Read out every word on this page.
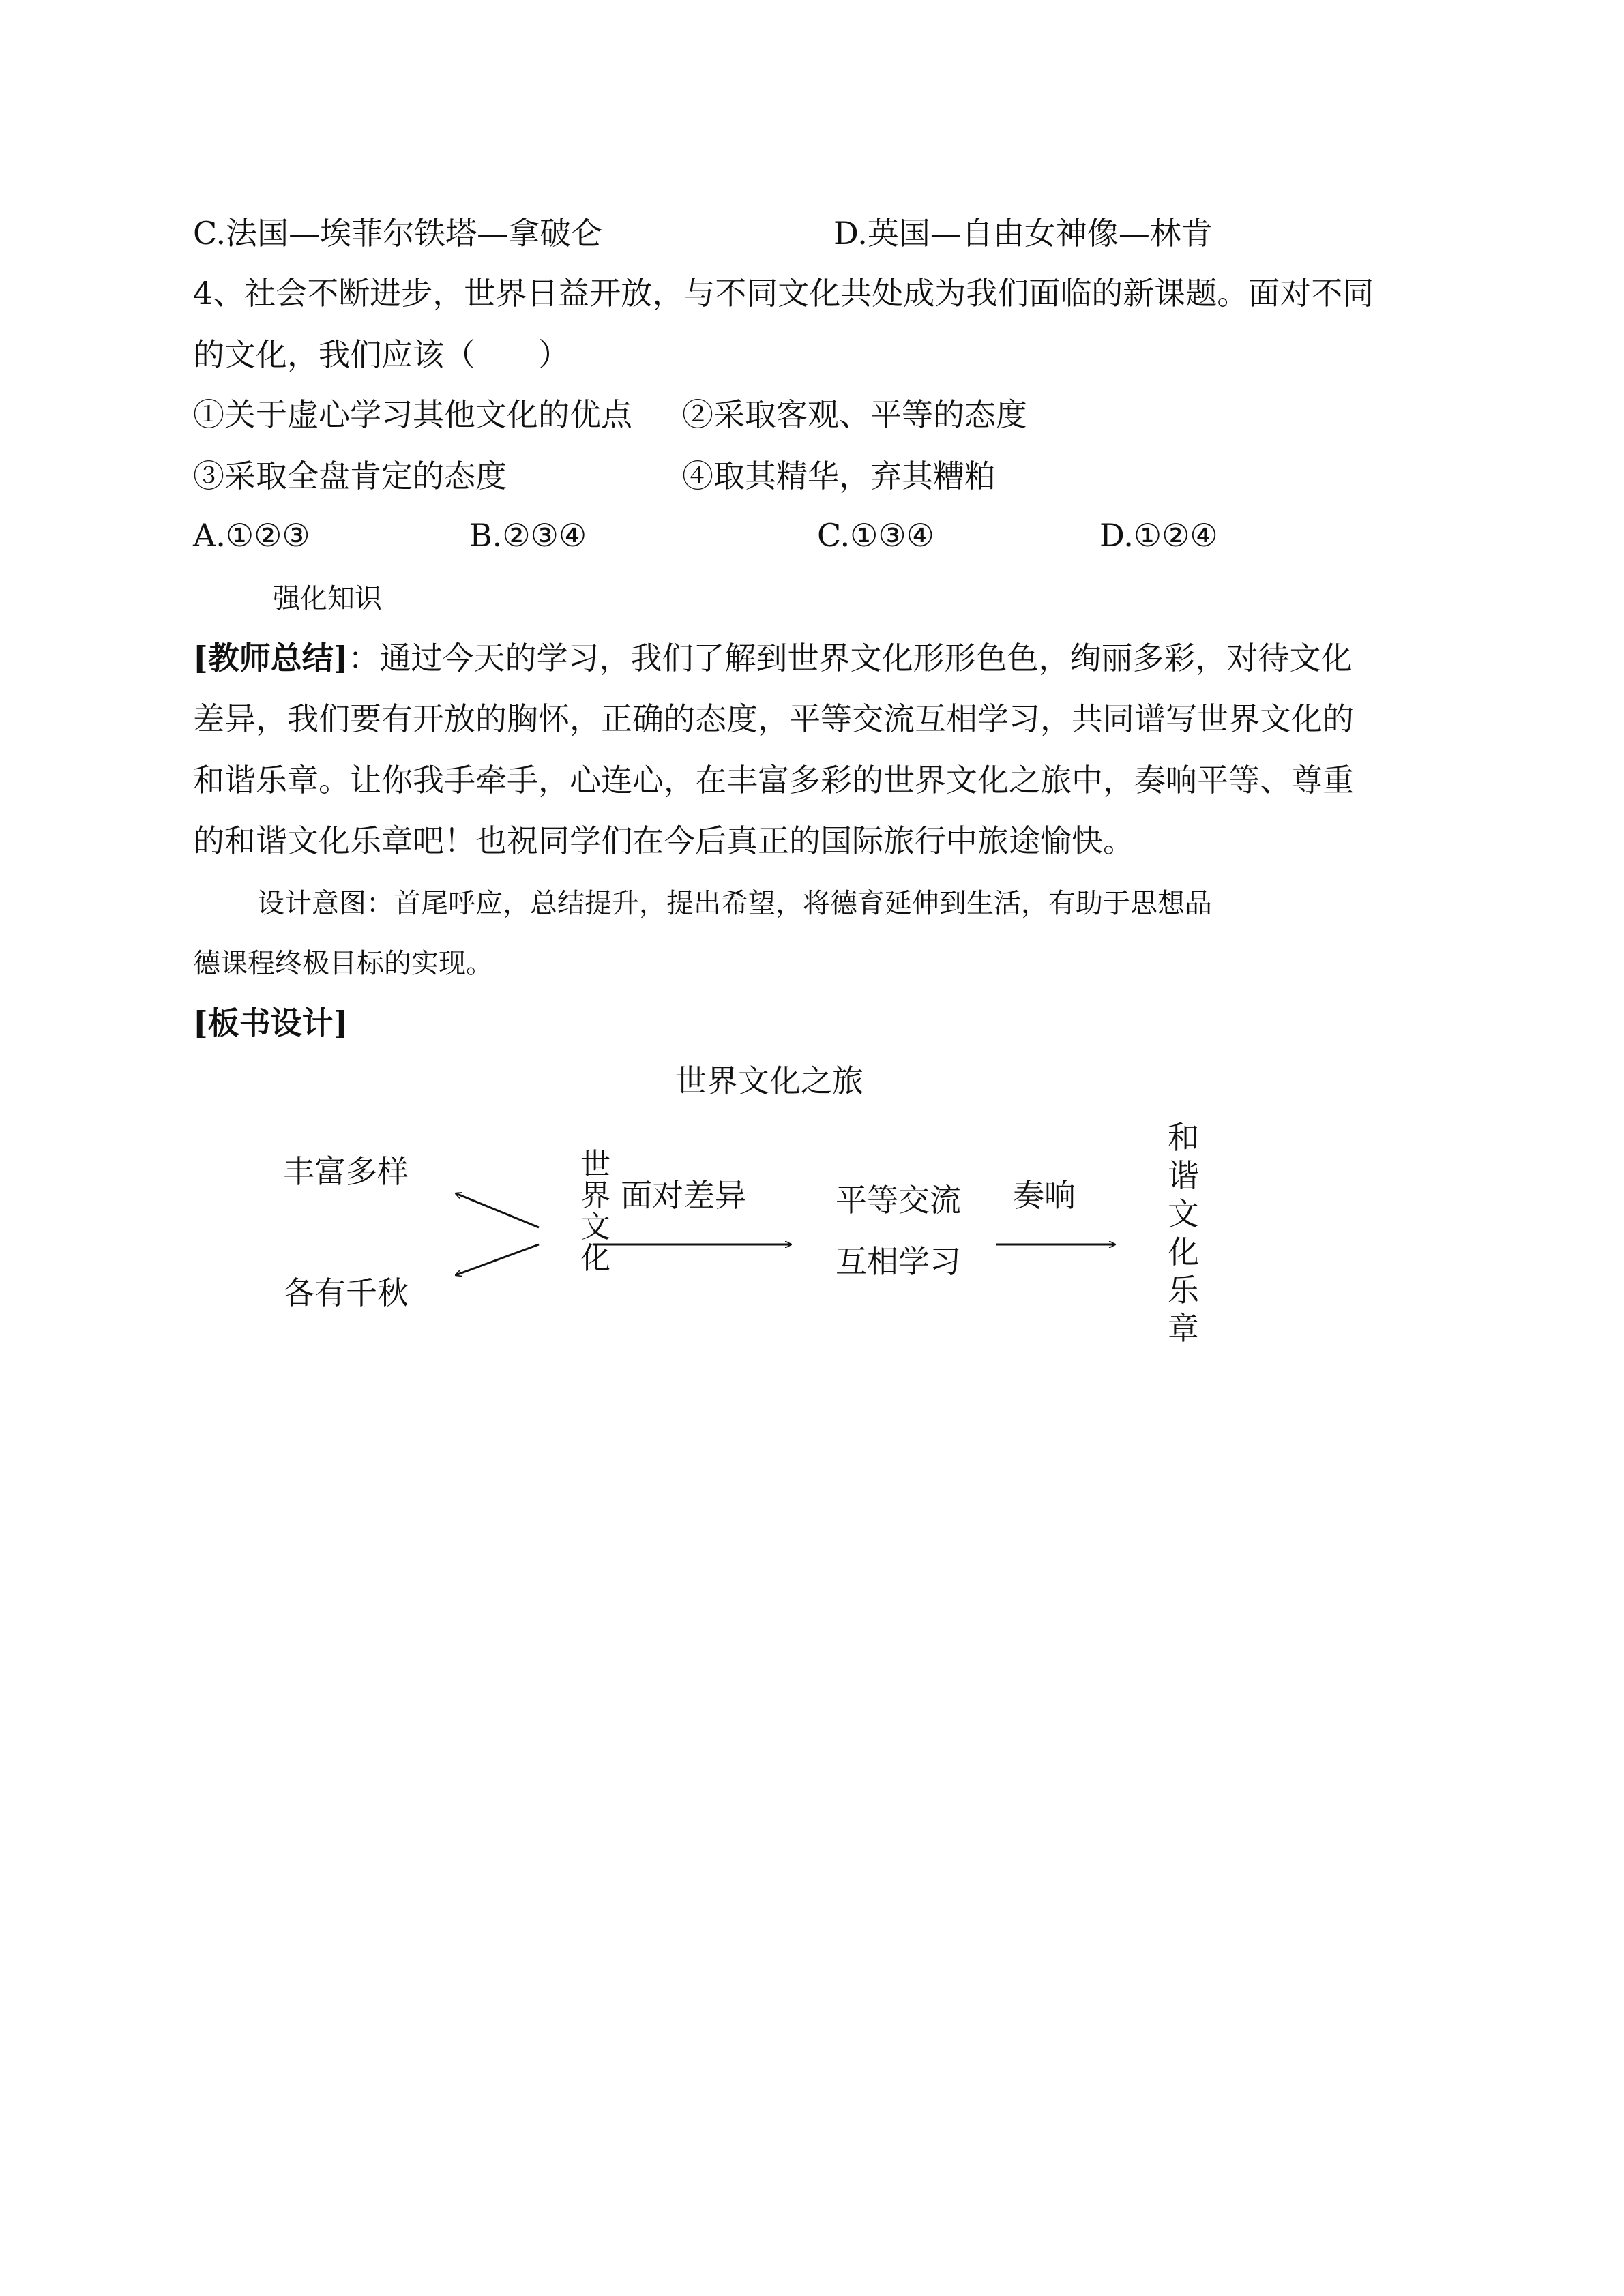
C.法国—埃菲尔铁塔—拿破仑	D.英国—自由女神像—林肯
4、社会不断进步，世界日益开放，与不同文化共处成为我们面临的新课题。面对不同
的文化，我们应该（　　）
①关于虚心学习其他文化的优点 ②采取客观、平等的态度
③采取全盘肯定的态度	④取其精华，弃其糟粕
A.①②③	B.②③④	C.①③④	D.①②④
强化知识
[教师总结]：通过今天的学习，我们了解到世界文化形形色色，绚丽多彩，对待文化
差异，我们要有开放的胸怀，正确的态度，平等交流互相学习，共同谱写世界文化的
和谐乐章。让你我手牵手，心连心，在丰富多彩的世界文化之旅中，奏响平等、尊重
的和谐文化乐章吧！也祝同学们在今后真正的国际旅行中旅途愉快。
设计意图：首尾呼应，总结提升，提出希望，将德育延伸到生活，有助于思想品
德课程终极目标的实现。
[板书设计]
世界文化之旅
丰富多样
各有千秋
世界文化
面对差异	平等交流
互相学习
奏响
和谐文化乐章
